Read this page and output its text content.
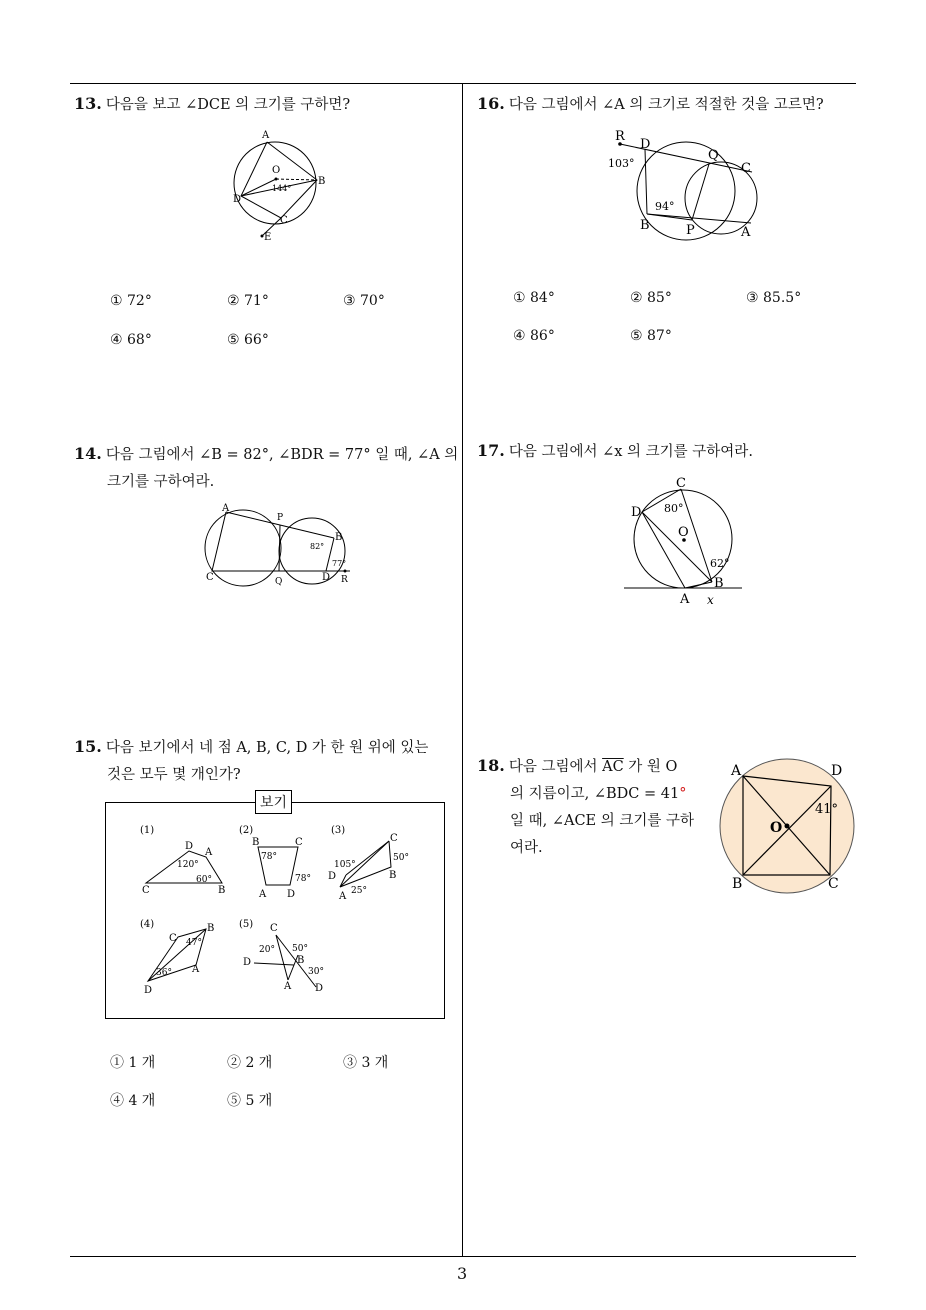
3
13. 다음을 보고 ∠DCE 의 크기를 구하면?
A
O
144°
B
D
C
E
① 72°	② 71°	③ 70°
④ 68°	⑤ 66°
14. 다음 그림에서 ∠B = 82°, ∠BDR = 77° 일 때, ∠A 의
크기를 구하여라.
A
P
B
82°
77°
C	Q	D R
15. 다음 보기에서 네 점 A, B, C, D 가 한 원 위에 있는
것은 모두 몇 개인가?
보기
(1)
D
A
120°
60°
C	B
(2)
B	C
78°
78°
A D
(3)
C
105°
50°
D	B
25°
A
(4)
C
B
47°
36° A
D
(5) C
20° 50°
D	B
30°
A D
① 1 개	② 2 개	③ 3 개
④ 4 개	⑤ 5 개
16. 다음 그림에서 ∠A 의 크기로 적절한 것을 고르면?
R
D
103°
Q
C
94°
B	P	A
① 84°	② 85°	③ 85.5°
④ 86°	⑤ 87°
17. 다음 그림에서 ∠x 의 크기를 구하여라.
C
D 80°
O
62°
B
A x
18. 다음 그림에서 $\overline{AC}$ 가 원 O
의 지름이고, ∠BDC = 41°
일 때, ∠ACE 의 크기를 구하
여라.
A	D
O
41°
B	C
